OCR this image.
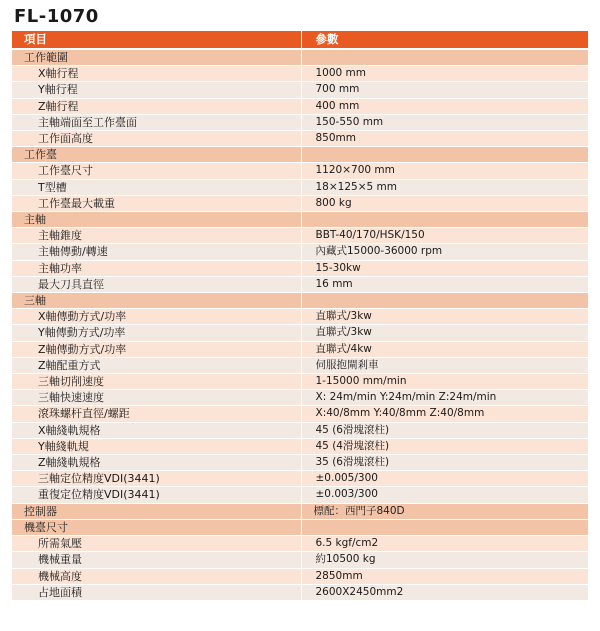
FL-1070
項目	參數
工作範圍	
X軸行程	1000 mm
Y軸行程	700 mm
Z軸行程	400 mm
主軸端面至工作臺面	150-550 mm
工作面高度	850mm
工作臺	
工作臺尺寸	1120×700 mm
T型槽	18×125×5 mm
工作臺最大載重	800 kg
主軸	
主軸錐度	BBT-40/170/HSK/150
主軸傳動/轉速	內藏式15000-36000 rpm
主軸功率	15-30kw
最大刀具直徑	16 mm
三軸	
X軸傳動方式/功率	直聯式/3kw
Y軸傳動方式/功率	直聯式/3kw
Z軸傳動方式/功率	直聯式/4kw
Z軸配重方式	伺服抱閘剎車
三軸切削速度	1-15000 mm/min
三軸快速速度	X: 24m/min Y:24m/min Z:24m/min
滾珠螺杆直徑/螺距	X:40/8mm Y:40/8mm Z:40/8mm
X軸綫軌規格	45 (6滑塊滾柱)
Y軸綫軌規	45 (4滑塊滾柱)
Z軸綫軌規格	35 (6滑塊滾柱)
三軸定位精度VDI(3441)	±0.005/300
重復定位精度VDI(3441)	±0.003/300
控制器	標配：西門子840D
機臺尺寸	
所需氣壓	6.5 kgf/cm2
機械重量	約10500 kg
機械高度	2850mm
占地面積	2600X2450mm2
